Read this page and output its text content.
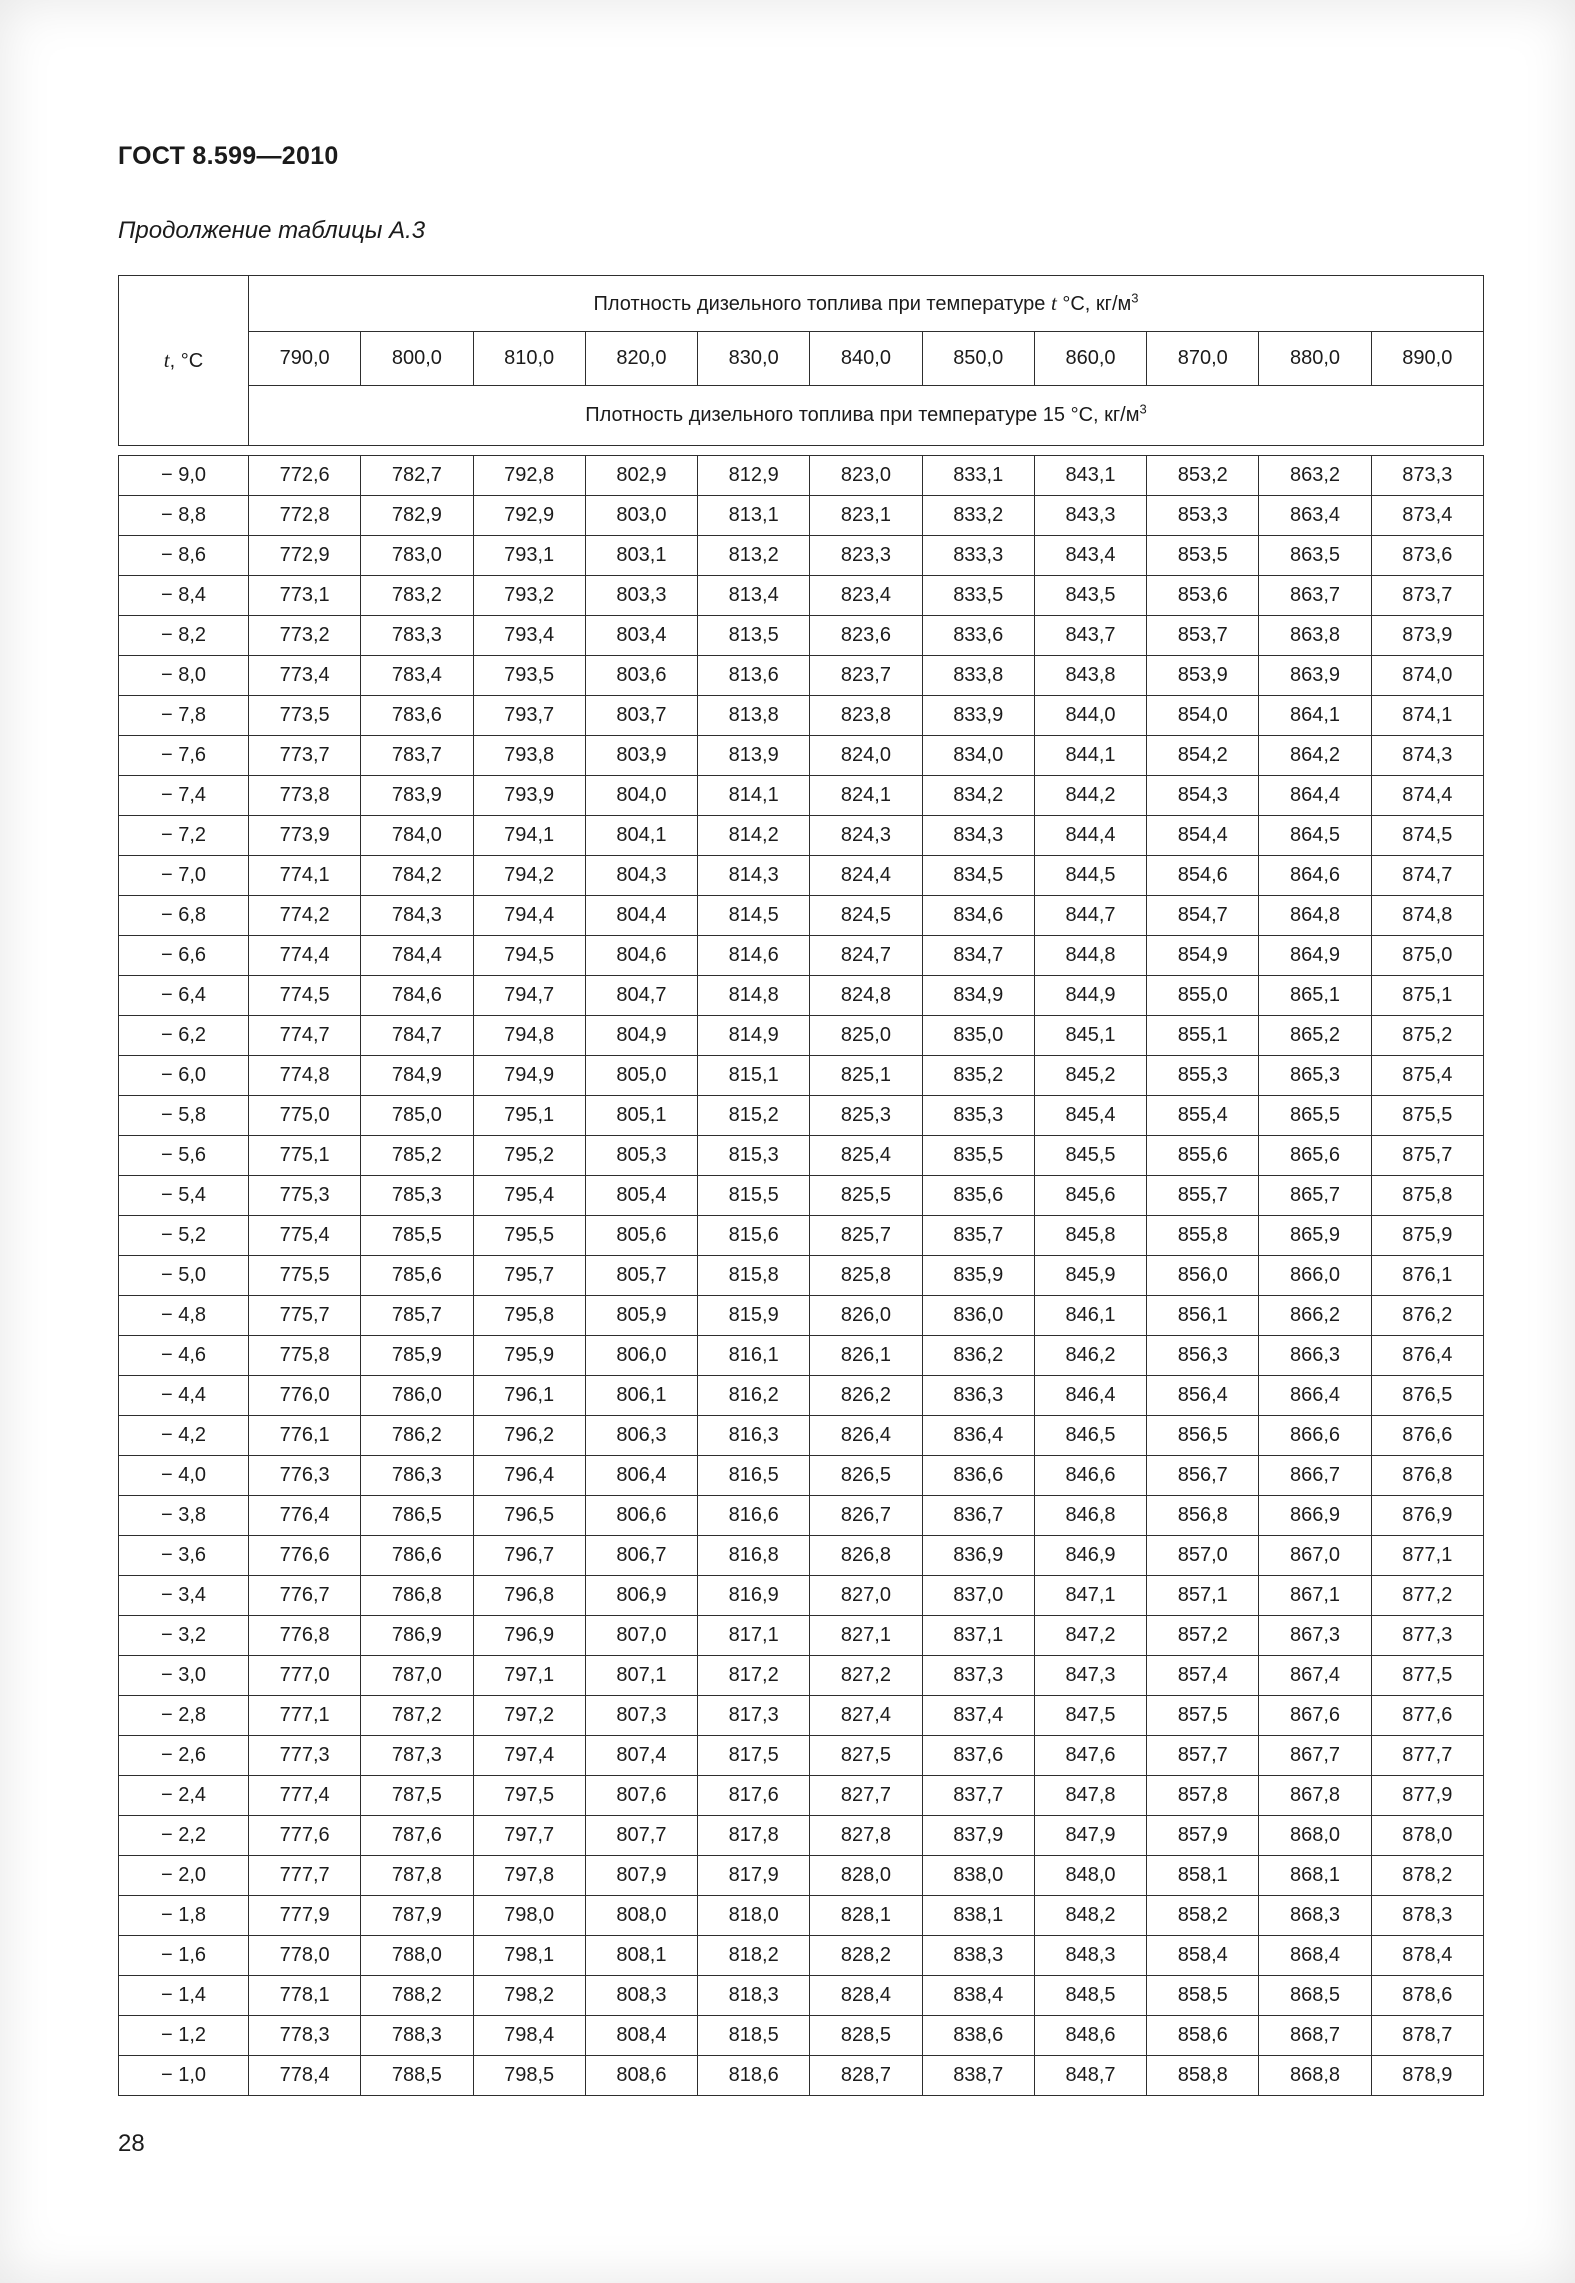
ГОСТ 8.599—2010
Продолжение таблицы А.3
t, °С	Плотность дизельного топлива при температуре t °С, $кг/м^3$
	790,0	800,0	810,0	820,0	830,0	840,0	850,0	860,0	870,0	880,0	890,0
	Плотность дизельного топлива при температуре 15 °С, $кг/м^3$
− 9,0	772,6	782,7	792,8	802,9	812,9	823,0	833,1	843,1	853,2	863,2	873,3
− 8,8	772,8	782,9	792,9	803,0	813,1	823,1	833,2	843,3	853,3	863,4	873,4
− 8,6	772,9	783,0	793,1	803,1	813,2	823,3	833,3	843,4	853,5	863,5	873,6
− 8,4	773,1	783,2	793,2	803,3	813,4	823,4	833,5	843,5	853,6	863,7	873,7
− 8,2	773,2	783,3	793,4	803,4	813,5	823,6	833,6	843,7	853,7	863,8	873,9
− 8,0	773,4	783,4	793,5	803,6	813,6	823,7	833,8	843,8	853,9	863,9	874,0
− 7,8	773,5	783,6	793,7	803,7	813,8	823,8	833,9	844,0	854,0	864,1	874,1
− 7,6	773,7	783,7	793,8	803,9	813,9	824,0	834,0	844,1	854,2	864,2	874,3
− 7,4	773,8	783,9	793,9	804,0	814,1	824,1	834,2	844,2	854,3	864,4	874,4
− 7,2	773,9	784,0	794,1	804,1	814,2	824,3	834,3	844,4	854,4	864,5	874,5
− 7,0	774,1	784,2	794,2	804,3	814,3	824,4	834,5	844,5	854,6	864,6	874,7
− 6,8	774,2	784,3	794,4	804,4	814,5	824,5	834,6	844,7	854,7	864,8	874,8
− 6,6	774,4	784,4	794,5	804,6	814,6	824,7	834,7	844,8	854,9	864,9	875,0
− 6,4	774,5	784,6	794,7	804,7	814,8	824,8	834,9	844,9	855,0	865,1	875,1
− 6,2	774,7	784,7	794,8	804,9	814,9	825,0	835,0	845,1	855,1	865,2	875,2
− 6,0	774,8	784,9	794,9	805,0	815,1	825,1	835,2	845,2	855,3	865,3	875,4
− 5,8	775,0	785,0	795,1	805,1	815,2	825,3	835,3	845,4	855,4	865,5	875,5
− 5,6	775,1	785,2	795,2	805,3	815,3	825,4	835,5	845,5	855,6	865,6	875,7
− 5,4	775,3	785,3	795,4	805,4	815,5	825,5	835,6	845,6	855,7	865,7	875,8
− 5,2	775,4	785,5	795,5	805,6	815,6	825,7	835,7	845,8	855,8	865,9	875,9
− 5,0	775,5	785,6	795,7	805,7	815,8	825,8	835,9	845,9	856,0	866,0	876,1
− 4,8	775,7	785,7	795,8	805,9	815,9	826,0	836,0	846,1	856,1	866,2	876,2
− 4,6	775,8	785,9	795,9	806,0	816,1	826,1	836,2	846,2	856,3	866,3	876,4
− 4,4	776,0	786,0	796,1	806,1	816,2	826,2	836,3	846,4	856,4	866,4	876,5
− 4,2	776,1	786,2	796,2	806,3	816,3	826,4	836,4	846,5	856,5	866,6	876,6
− 4,0	776,3	786,3	796,4	806,4	816,5	826,5	836,6	846,6	856,7	866,7	876,8
− 3,8	776,4	786,5	796,5	806,6	816,6	826,7	836,7	846,8	856,8	866,9	876,9
− 3,6	776,6	786,6	796,7	806,7	816,8	826,8	836,9	846,9	857,0	867,0	877,1
− 3,4	776,7	786,8	796,8	806,9	816,9	827,0	837,0	847,1	857,1	867,1	877,2
− 3,2	776,8	786,9	796,9	807,0	817,1	827,1	837,1	847,2	857,2	867,3	877,3
− 3,0	777,0	787,0	797,1	807,1	817,2	827,2	837,3	847,3	857,4	867,4	877,5
− 2,8	777,1	787,2	797,2	807,3	817,3	827,4	837,4	847,5	857,5	867,6	877,6
− 2,6	777,3	787,3	797,4	807,4	817,5	827,5	837,6	847,6	857,7	867,7	877,7
− 2,4	777,4	787,5	797,5	807,6	817,6	827,7	837,7	847,8	857,8	867,8	877,9
− 2,2	777,6	787,6	797,7	807,7	817,8	827,8	837,9	847,9	857,9	868,0	878,0
− 2,0	777,7	787,8	797,8	807,9	817,9	828,0	838,0	848,0	858,1	868,1	878,2
− 1,8	777,9	787,9	798,0	808,0	818,0	828,1	838,1	848,2	858,2	868,3	878,3
− 1,6	778,0	788,0	798,1	808,1	818,2	828,2	838,3	848,3	858,4	868,4	878,4
− 1,4	778,1	788,2	798,2	808,3	818,3	828,4	838,4	848,5	858,5	868,5	878,6
− 1,2	778,3	788,3	798,4	808,4	818,5	828,5	838,6	848,6	858,6	868,7	878,7
− 1,0	778,4	788,5	798,5	808,6	818,6	828,7	838,7	848,7	858,8	868,8	878,9
28
